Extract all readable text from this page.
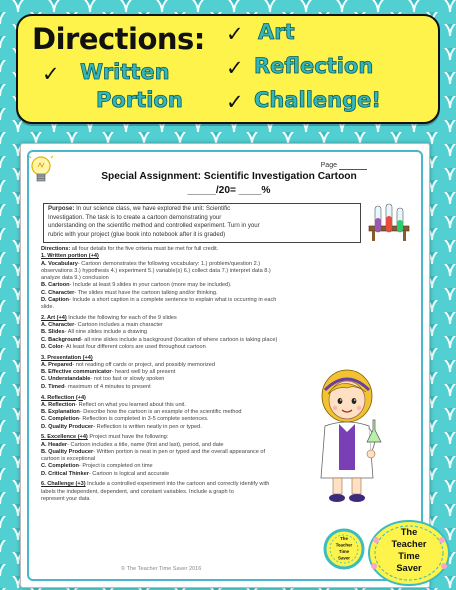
Directions: ✓ Art
✓ Written
Portion
✓ Reflection
✓ Challenge!
Page
Special Assignment: Scientific Investigation Cartoon
_____/20= ____%

Purpose: In our science class, we have explored the unit: Scientific

Investigation. The task is to create a cartoon demonstrating your

understanding on the scientific method and controlled experiment. Turn in your

rubric with your project (glue book into notebook after it is graded)

Directions: all four details for the five criteria must be met for full credit.
1. Written portion (+4)
A. Vocabulary- Cartoon demonstrates the following vocabulary: 1.) problem/question 2.)
observations 3.) hypothesis 4.) experiment 5.) variable(s) 6.) collect data 7.) interpret data 8.)
analyze data 9.) conclusion
B. Cartoon- Include at least 9 slides in your cartoon (more may be included).
C. Character- The slides must have the cartoon talking and/or thinking.
D. Caption- Include a short caption in a complete sentence to explain what is occurring in each
slide.
2. Art (+4) Include the following for each of the 9 slides
A. Character- Cartoon includes a main character
B. Slides- All nine slides include a drawing
C. Background- all nine slides include a background (location of where cartoon is taking place)
D. Color- At least four different colors are used throughout cartoon
3. Presentation (+4)
A. Prepared- not reading off cards or project, and possibly memorized
B. Effective communicator- heard well by all present
C. Understandable- not too fast or slowly spoken
D. Timed- maximum of 4 minutes to present
4. Reflection (+4)
A. Reflection- Reflect on what you learned about this unit.
B. Explanation- Describe how the cartoon is an example of the scientific method
C. Completion- Reflection is completed in 3-5 complete sentences.
D. Quality Producer- Reflection is written neatly in pen or typed.
5. Excellence (+4) Project must have the following:
A. Header- Cartoon includes a title, name (first and last), period, and date
B. Quality Producer- Written portion is neat in pen or typed and the overall appearance of
cartoon is exceptional
C. Completion- Project is completed on time
D. Critical Thinker- Cartoon is logical and accurate
6. Challenge (+3) Include a controlled experiment into the cartoon and correctly identify with
labels the independent, dependent, and constant variables. Include a graph to
represent your data
The
Teacher
Time
Saver
© The Teacher Time Saver 2016
The
Teacher
Time
Saver
